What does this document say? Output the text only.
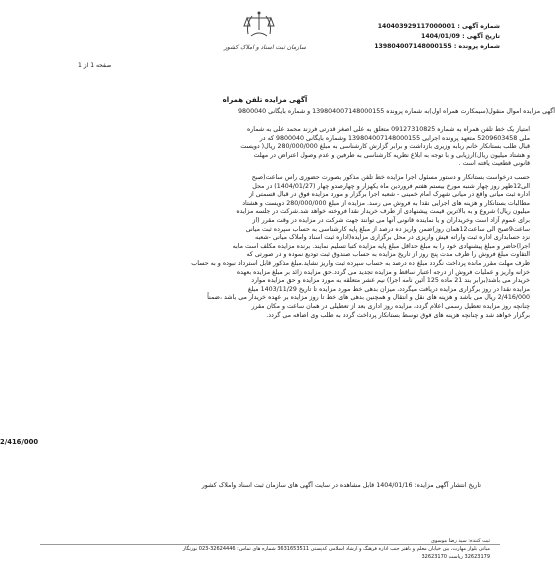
شماره آگهی : 140403929117000001
تاریخ آگهی : 1404/01/09
شماره پرونده : 139804007148000155
سازمان ثبت اسناد و املاک کشور
صفحه 1 از 1
آگهی مزایده تلفن همراه

آگهی مزایده اموال منقول(سیمکارت همراه اول)به شماره پرونده 139804007148000155 و شماره بایگانی 9800040

امتیاز یک خط تلفن همراه به شماره 09127310825 متعلق به علی اصغر قدرتی فرزند محمد علی به شماره
ملی 5209603458 متعهد پرونده اجرایی 139804007148000155 وشماره بایگانی 9800040 که در
قبال طلب بستانکار خانم ربابه وزیری بازداشت و برابر گزارش کارشناسی به مبلغ 280/000/000 ریال( دویست
و هشتاد میلیون ریال)ارزیابی و با توجه به ابلاغ نظریه کارشناسی به طرفین و عدم وصول اعتراض در مهلت
قانونی قطعیت یافته است .
حسب درخواست بستانکار و دستور مسئول اجرا مزایده خط تلفن مذکور بصورت حضوری راس ساعت(صبح
الی12ظهر روز چهار شنبه مورخ بیستم هفتم فروردین ماه یکهزار و چهارصدو چهار (1404/01/27) در محل
اداره ثبت میانی واقع در میانی شهرک امام خمینی - شعبه اجرا برگزار و مورد مزایده فوق در قبال قسمتی از
مطالبات بستانکار و هزینه های اجرایی نقدا به فروش می رسد. مزایده از مبلغ 280/000/000 دویست و هشتاد
میلیون ریال) شروع و به بالاترین قیمت پیشنهادی از طرف خریدار نقدا فروخته خواهد شد.شرکت در جلسه مزایده
برای عموم آزاد است وخریداران و یا نماینده قانونی آنها می توانند جهت شرکت در مزایده در وقت مقرر (از
ساعت9صبح الی ساعت12همان روز)ضمن واریز ده درصد از مبلغ پایه کارشناسی به حساب سپرده ثبت میانی
نزد حسابداری اداره ثبت واراته فیش واریزی در محل برگزاری مزایده(اداره ثبت اسناد واملاک میانی -شعبه
اجرا)حاضر و مبلغ پیشنهادی خود را به مبلغ حداقل مبلغ پایه مزایده کتبا تسلیم نمایند. برنده مزایده مکلف است مابه
التفاوت مبلغ فروش را ظرف مدت پنج روز از تاریخ مزایده به حساب صندوق ثبت تودیع نموده و در صورتی که
ظرف مهلت مقرر مانده پرداخت نگردد مبلغ ده درصد به حساب سپرده ثبت واریز نشاید.مبلغ مذکور قابل استرداد نبوده و به حساب
خزانه واریز و عملیات فروش از درجه اعتبار ساقط و مزایده تجدید می گردد.حق مزایده زائد بر مبلغ مزایده بعهده
خریدار می باشد(برابر بند 21 ماده 125 آئین نامه اجرا) نیم عشر متعلقه به مورد مزایده و حق مزایده موارد
مزایده نقدا در روز برگزاری مزایده دریافت میگردد، میزان بدهی خط مورد مزایده تا تاریخ 1403/11/29 مبلغ
2/416/000 ریال می باشد و هزینه های نقل و انتقال و همچنین بدهی های خط تا روز مزایده بر عهده خریدار می باشد ،ضمناً
چنانچه روز مزایده تعطیل رسمی اعلام گردد، مزایده روز اداری بعد از تعطیلی در همان ساعت و مکان مقرر
برگزار خواهد شد و چنانچه هزینه های فوق توسط بستانکار پرداخت گردد به طلب وی اضافه می گردد.
2/416/000
تاریخ انتشار آگهی مزایده: 1404/01/16 قابل مشاهده در سایت آگهی های سازمان ثبت اسناد واملاک کشور
ثبت کننده: سید رضا موسوی
میانی بلوار مهارت، بین خیابان معلم و باهنر جنب اداره فرهنگ و ارشاد اسلامی کدپستی 3631653511 شماره های تماس: 32624446-023 نورنگار
32623179 ریاست 32623170
